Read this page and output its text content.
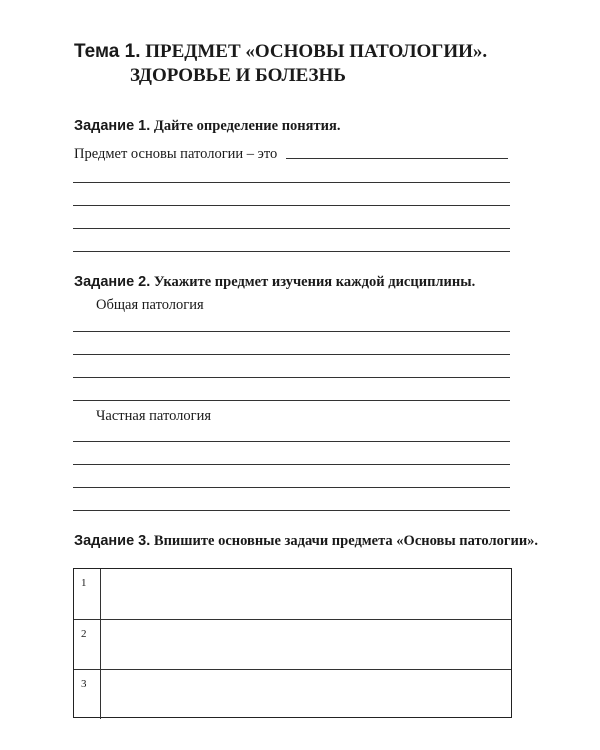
Тема 1. ПРЕДМЕТ «ОСНОВЫ ПАТОЛОГИИ».
ЗДОРОВЬЕ И БОЛЕЗНЬ

Задание 1. Дайте определение понятия.

Предмет основы патологии – это

Задание 2. Укажите предмет изучения каждой дисциплины.

Общая патология
Частная патология

Задание 3. Впишите основные задачи предмета «Основы патологии».

1
2
3
